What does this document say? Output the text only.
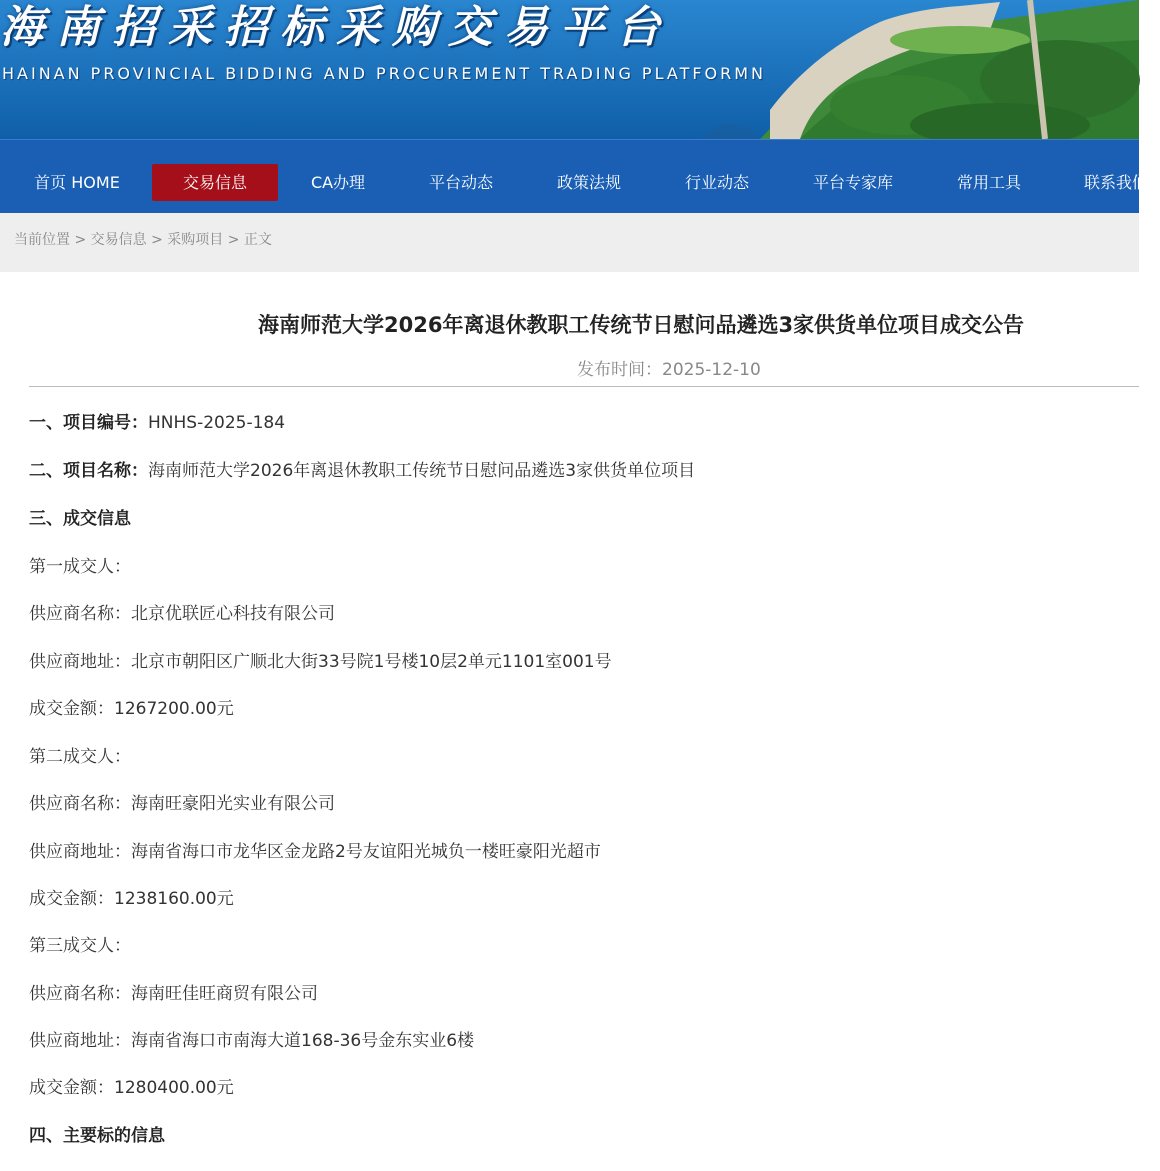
海南招采招标采购交易平台
HAINAN PROVINCIAL BIDDING AND PROCUREMENT TRADING PLATFORMN
首页 HOME	交易信息	CA办理	平台动态	政策法规	行业动态	平台专家库	常用工具	联系我们
当前位置 > 交易信息 > 采购项目 > 正文
海南师范大学2026年离退休教职工传统节日慰问品遴选3家供货单位项目成交公告
发布时间：2025-12-10
一、项目编号：HNHS-2025-184
二、项目名称：海南师范大学2026年离退休教职工传统节日慰问品遴选3家供货单位项目
三、成交信息
第一成交人：
供应商名称：北京优联匠心科技有限公司
供应商地址：北京市朝阳区广顺北大街33号院1号楼10层2单元1101室001号
成交金额：1267200.00元
第二成交人：
供应商名称：海南旺豪阳光实业有限公司
供应商地址：海南省海口市龙华区金龙路2号友谊阳光城负一楼旺豪阳光超市
成交金额：1238160.00元
第三成交人：
供应商名称：海南旺佳旺商贸有限公司
供应商地址：海南省海口市南海大道168-36号金东实业6楼
成交金额：1280400.00元
四、主要标的信息
